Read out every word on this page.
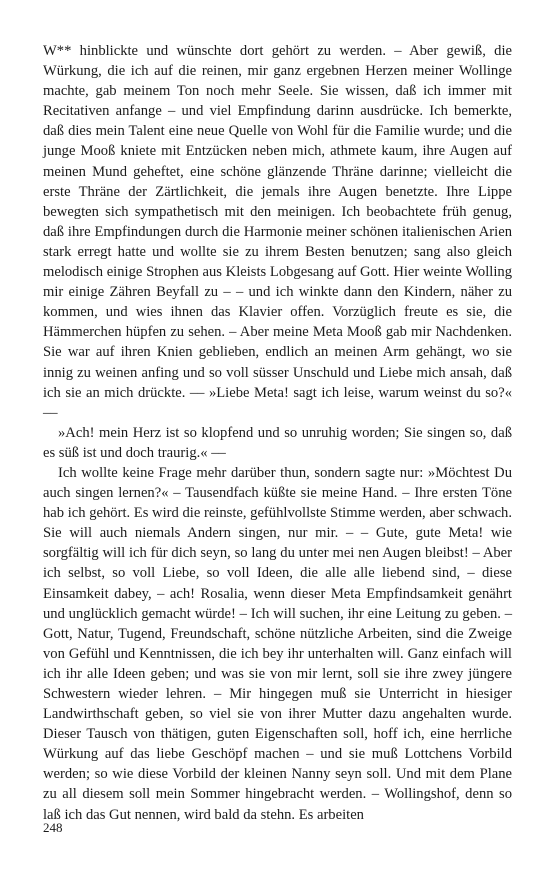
W** hinblickte und wünschte dort gehört zu werden. – Aber gewiß, die Würkung, die ich auf die reinen, mir ganz ergebnen Herzen meiner Wollinge machte, gab meinem Ton noch mehr Seele. Sie wissen, daß ich immer mit Recitativen anfange – und viel Empfindung darinn ausdrücke. Ich bemerkte, daß dies mein Talent eine neue Quelle von Wohl für die Familie wurde; und die junge Mooß kniete mit Entzücken neben mich, athmete kaum, ihre Augen auf meinen Mund geheftet, eine schöne glänzende Thräne darinne; vielleicht die erste Thräne der Zärtlichkeit, die jemals ihre Augen benetzte. Ihre Lippe bewegten sich sympathetisch mit den meinigen. Ich beobachtete früh genug, daß ihre Empfindungen durch die Harmonie meiner schönen italienischen Arien stark erregt hatte und wollte sie zu ihrem Besten benutzen; sang also gleich melodisch einige Strophen aus Kleists Lobgesang auf Gott. Hier weinte Wolling mir einige Zähren Beyfall zu – – und ich winkte dann den Kindern, näher zu kommen, und wies ihnen das Klavier offen. Vorzüglich freute es sie, die Hämmerchen hüpfen zu sehen. – Aber meine Meta Mooß gab mir Nachdenken. Sie war auf ihren Knien geblieben, endlich an meinen Arm gehängt, wo sie innig zu weinen anfing und so voll süsser Unschuld und Liebe mich ansah, daß ich sie an mich drückte. –– »Liebe Meta! sagt ich leise, warum weinst du so?« ––

»Ach! mein Herz ist so klopfend und so unruhig worden; Sie singen so, daß es süß ist und doch traurig.« ––

Ich wollte keine Frage mehr darüber thun, sondern sagte nur: »Möchtest Du auch singen lernen?« – Tausendfach küßte sie meine Hand. – Ihre ersten Töne hab ich gehört. Es wird die reinste, gefühlvollste Stimme werden, aber schwach. Sie will auch niemals Andern singen, nur mir. – – Gute, gute Meta! wie sorgfältig will ich für dich seyn, so lang du unter mei nen Augen bleibst! – Aber ich selbst, so voll Liebe, so voll Ideen, die alle alle liebend sind, – diese Einsamkeit dabey, – ach! Rosalia, wenn dieser Meta Empfindsamkeit genährt und unglücklich gemacht würde! – Ich will suchen, ihr eine Leitung zu geben. – Gott, Natur, Tugend, Freundschaft, schöne nützliche Arbeiten, sind die Zweige von Gefühl und Kenntnissen, die ich bey ihr unterhalten will. Ganz einfach will ich ihr alle Ideen geben; und was sie von mir lernt, soll sie ihre zwey jüngere Schwestern wieder lehren. – Mir hingegen muß sie Unterricht in hiesiger Landwirthschaft geben, so viel sie von ihrer Mutter dazu angehalten wurde. Dieser Tausch von thätigen, guten Eigenschaften soll, hoff ich, eine herrliche Würkung auf das liebe Geschöpf machen – und sie muß Lottchens Vorbild werden; so wie diese Vorbild der kleinen Nanny seyn soll. Und mit dem Plane zu all diesem soll mein Sommer hingebracht werden. – Wollingshof, denn so laß ich das Gut nennen, wird bald da stehn. Es arbeiten

248
